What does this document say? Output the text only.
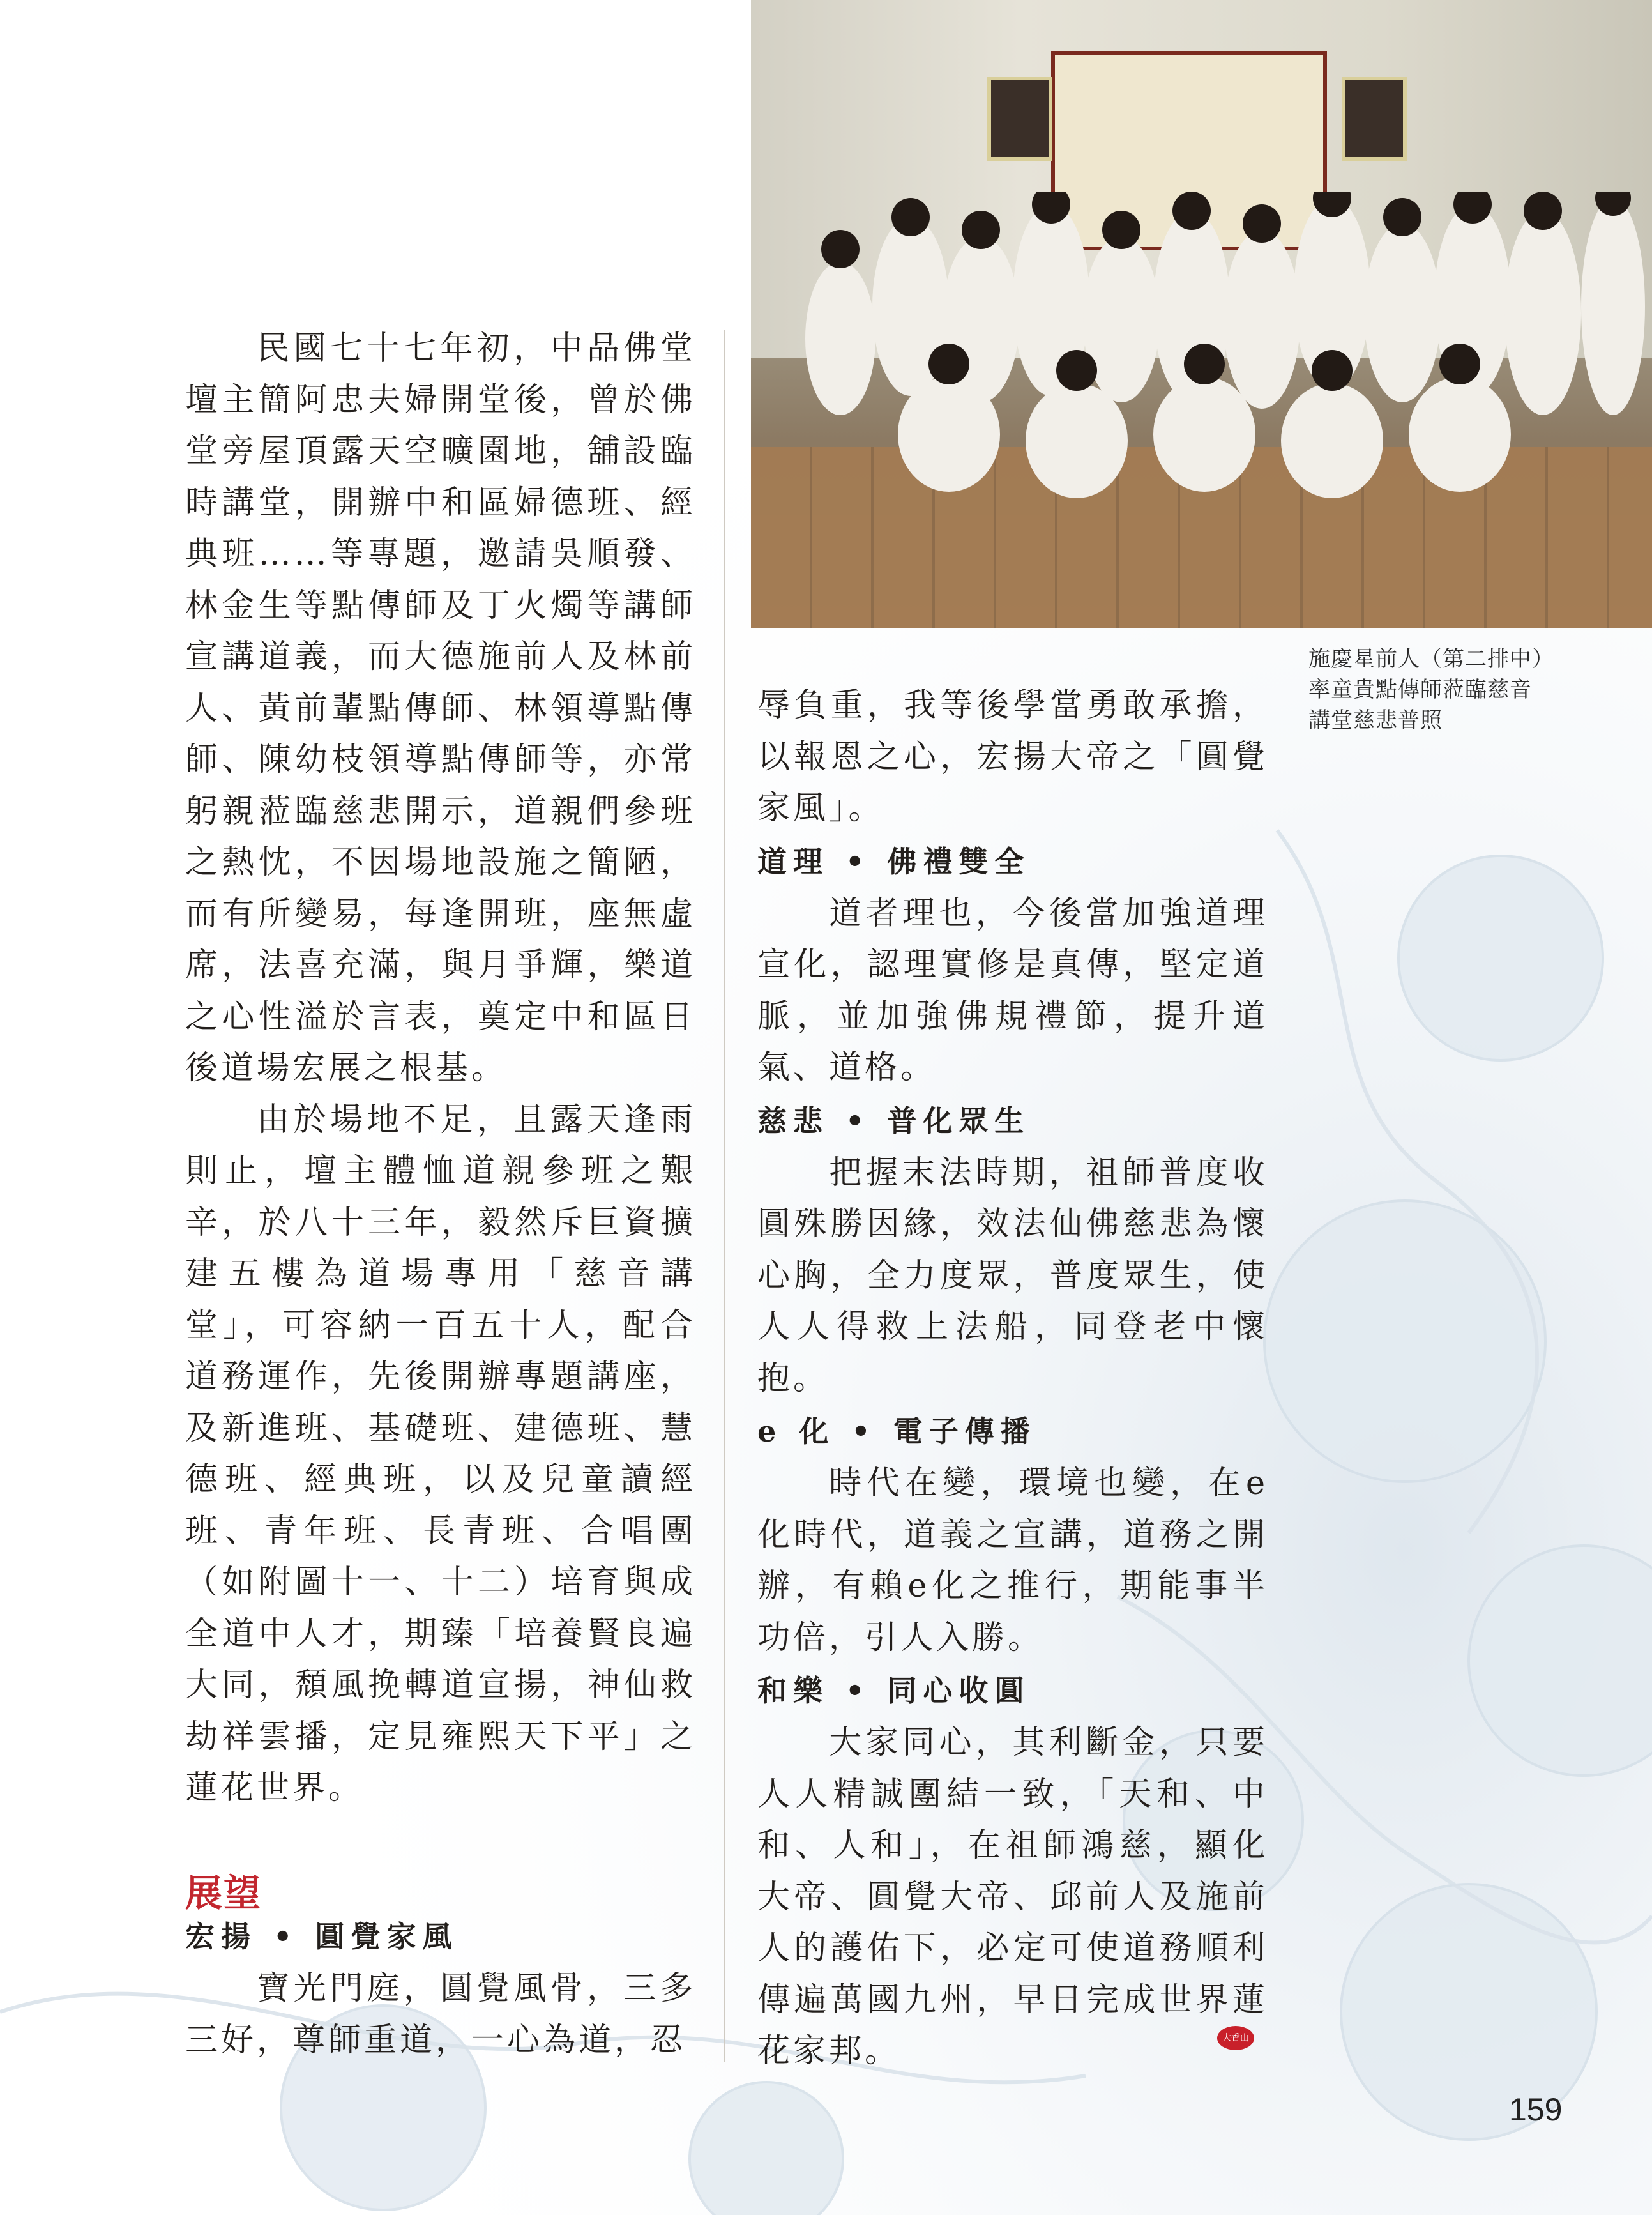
施慶星前人（第二排中）
率童貴點傳師蒞臨慈音
講堂慈悲普照

民國七十七年初，中品佛堂壇主簡阿忠夫婦開堂後，曾於佛堂旁屋頂露天空曠園地，舖設臨時講堂，開辦中和區婦德班、經典班……等專題，邀請吳順發、林金生等點傳師及丁火燭等講師宣講道義，而大德施前人及林前人、黃前輩點傳師、林領導點傳師、陳幼枝領導點傳師等，亦常躬親蒞臨慈悲開示，道親們參班之熱忱，不因場地設施之簡陋，而有所變易，每逢開班，座無虛席，法喜充滿，與月爭輝，樂道之心性溢於言表，奠定中和區日後道場宏展之根基。

由於場地不足，且露天逢雨則止，壇主體恤道親參班之艱辛，於八十三年，毅然斥巨資擴建五樓為道場專用「慈音講堂」，可容納一百五十人，配合道務運作，先後開辦專題講座，及新進班、基礎班、建德班、慧德班、經典班，以及兒童讀經班、青年班、長青班、合唱團（如附圖十一、十二）培育與成全道中人才，期臻「培養賢良遍大同，頹風挽轉道宣揚，神仙救劫祥雲播，定見雍熙天下平」之蓮花世界。

展望

宏揚 • 圓覺家風

寶光門庭，圓覺風骨，三多三好，尊師重道，一心為道，忍

辱負重，我等後學當勇敢承擔，以報恩之心，宏揚大帝之「圓覺家風」。

道理 • 佛禮雙全

道者理也，今後當加強道理宣化，認理實修是真傳，堅定道脈，並加強佛規禮節，提升道氣、道格。

慈悲 • 普化眾生

把握末法時期，祖師普度收圓殊勝因緣，效法仙佛慈悲為懷心胸，全力度眾，普度眾生，使人人得救上法船，同登老中懷抱。

e 化 • 電子傳播

時代在變，環境也變，在e化時代，道義之宣講，道務之開辦，有賴e化之推行，期能事半功倍，引人入勝。

和樂 • 同心收圓

大家同心，其利斷金，只要人人精誠團結一致，「天和、中和、人和」，在祖師鴻慈，顯化大帝、圓覺大帝、邱前人及施前人的護佑下，必定可使道務順利傳遍萬國九州，早日完成世界蓮花家邦。	大香山
159
